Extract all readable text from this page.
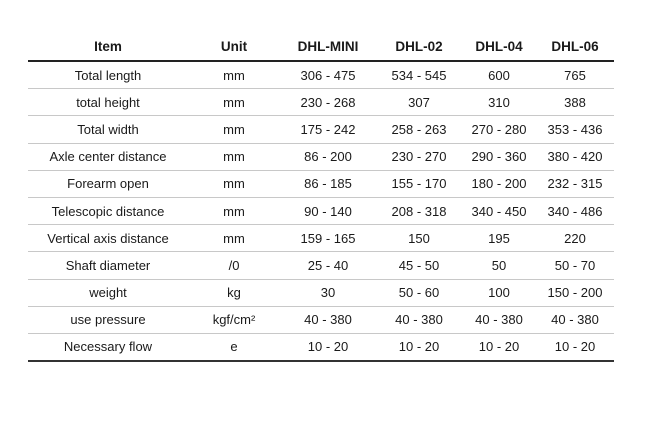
Item	Unit	DHL-MINI	DHL-02	DHL-04	DHL-06
Total length	mm	306 - 475	534 - 545	600	765
total height	mm	230 - 268	307	310	388
Total width	mm	175 - 242	258 - 263	270 - 280	353 - 436
Axle center distance	mm	86 - 200	230 - 270	290 - 360	380 - 420
Forearm open	mm	86 - 185	155 - 170	180 - 200	232 - 315
Telescopic distance	mm	90 - 140	208 - 318	340 - 450	340 - 486
Vertical axis distance	mm	159 - 165	150	195	220
Shaft diameter	/0	25 - 40	45 - 50	50	50 - 70
weight	kg	30	50 - 60	100	150 - 200
use pressure	kgf/cm²	40 - 380	40 - 380	40 - 380	40 - 380
Necessary flow	e	10 - 20	10 - 20	10 - 20	10 - 20
